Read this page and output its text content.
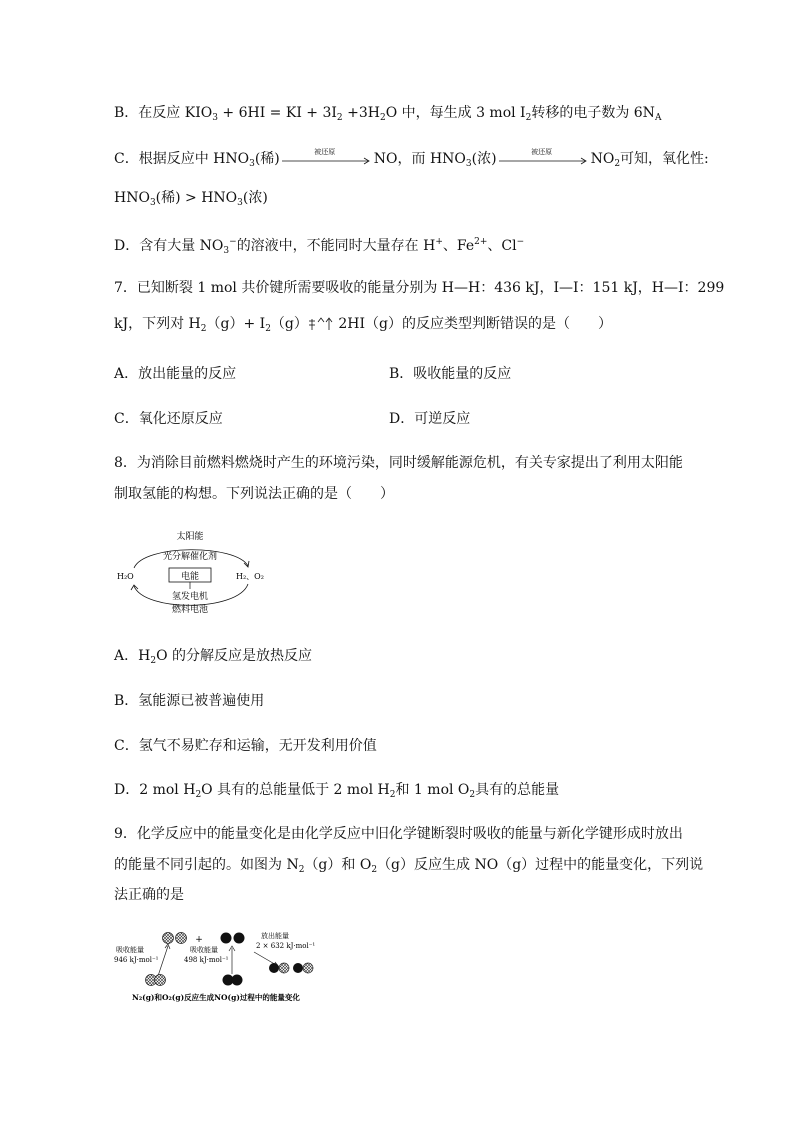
B．在反应 $KIO_3 + 6HI$ = KI + $3I_2 +3H_2O$ 中，每生成 3 mol $I_2$转移的电子数为 $6N_A$
C．根据反应中 $HNO_3$(稀)	被还原	NO，而 $HNO_3$(浓)	被还原	$NO_2$可知，氧化性:
$HNO_3$(稀) > $HNO_3$(浓)
D．含有大量 $NO_3^-$的溶液中，不能同时大量存在 H+、$Fe^{2+}$、Cl−
7．已知断裂 1 mol 共价键所需要吸收的能量分别为 H—H：436 kJ，I—I：151 kJ，H—I：299
kJ，下列对 $H_2(g)+ I_2(g)$ 2HI（g）的反应类型判断错误的是（　　）
A．放出能量的反应	B．吸收能量的反应
C．氧化还原反应	D．可逆反应
8．为消除目前燃料燃烧时产生的环境污染，同时缓解能源危机，有关专家提出了利用太阳能
制取氢能的构想。下列说法正确的是（　　）
太阳能
光分解催化剂
电能
H₂O	H₂、O₂
氢发电机
燃料电池
A．$H_2O$ 的分解反应是放热反应
B．氢能源已被普遍使用
C．氢气不易贮存和运输，无开发利用价值
D．2 mol $H_2O$ 具有的总能量低于 2 mol $H_2$和 1 mol $O_2$具有的总能量
9．化学反应中的能量变化是由化学反应中旧化学键断裂时吸收的能量与新化学键形成时放出
的能量不同引起的。如图为 $N_2(g)$和 $O_2(g)$反应生成 NO（g）过程中的能量变化，下列说
法正确的是
吸收能量
946 kJ·mol⁻¹
+
吸收能量
498 kJ·mol⁻¹
放出能量
2 × 632 kJ·mol⁻¹
N₂(g)和O₂(g)反应生成NO(g)过程中的能量变化
